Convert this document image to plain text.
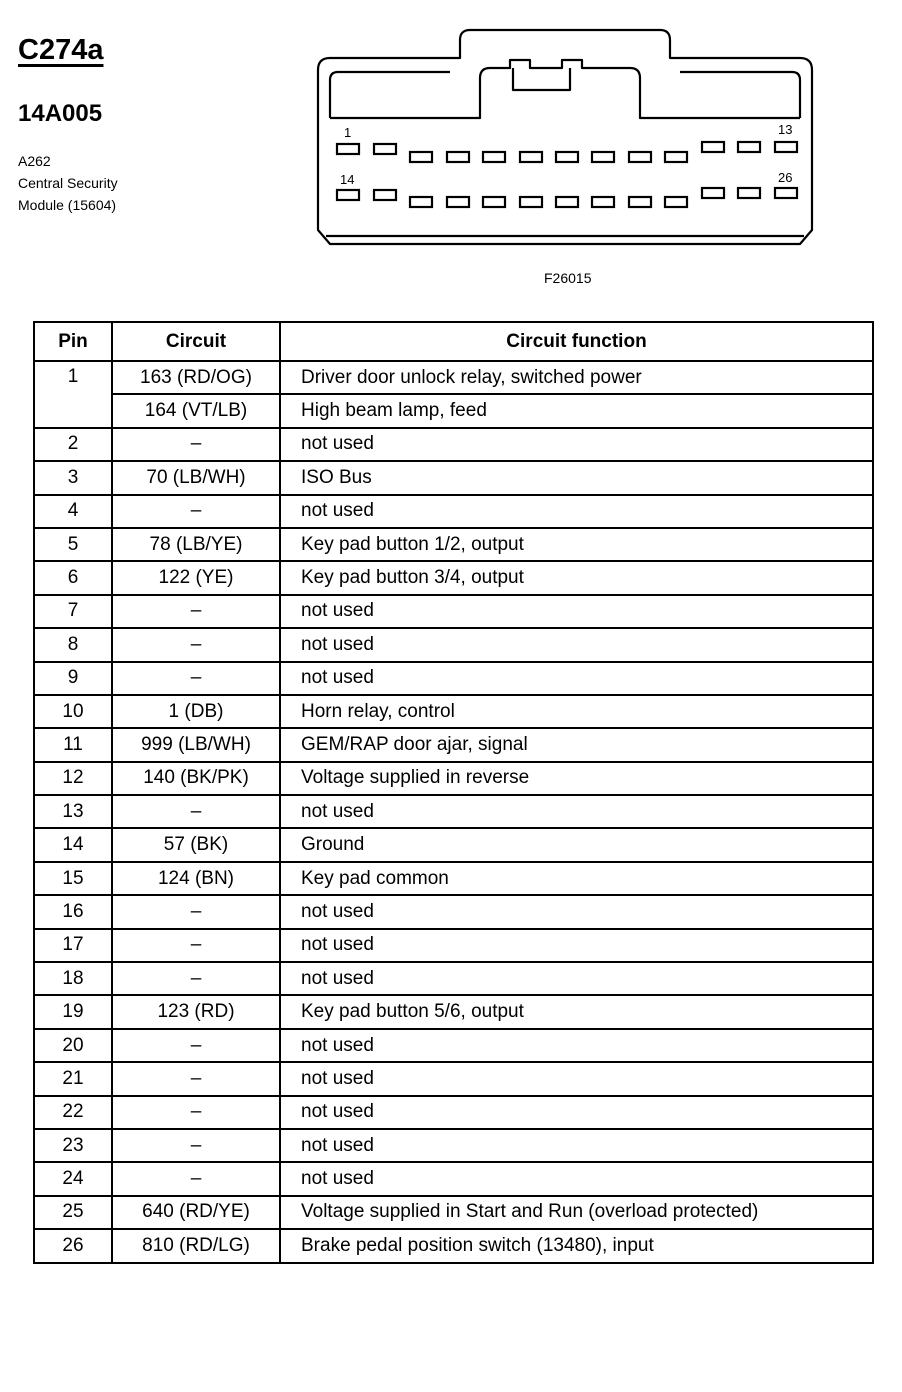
C274a
14A005
A262
Central Security
Module (15604)
1	13
14	26
F26015
Pin	Circuit	Circuit function
1	163 (RD/OG)	Driver door unlock relay, switched power
	164 (VT/LB)	High beam lamp, feed
2	–	not used
3	70 (LB/WH)	ISO Bus
4	–	not used
5	78 (LB/YE)	Key pad button 1/2, output
6	122 (YE)	Key pad button 3/4, output
7	–	not used
8	–	not used
9	–	not used
10	1 (DB)	Horn relay, control
11	999 (LB/WH)	GEM/RAP door ajar, signal
12	140 (BK/PK)	Voltage supplied in reverse
13	–	not used
14	57 (BK)	Ground
15	124 (BN)	Key pad common
16	–	not used
17	–	not used
18	–	not used
19	123 (RD)	Key pad button 5/6, output
20	–	not used
21	–	not used
22	–	not used
23	–	not used
24	–	not used
25	640 (RD/YE)	Voltage supplied in Start and Run (overload protected)
26	810 (RD/LG)	Brake pedal position switch (13480), input
